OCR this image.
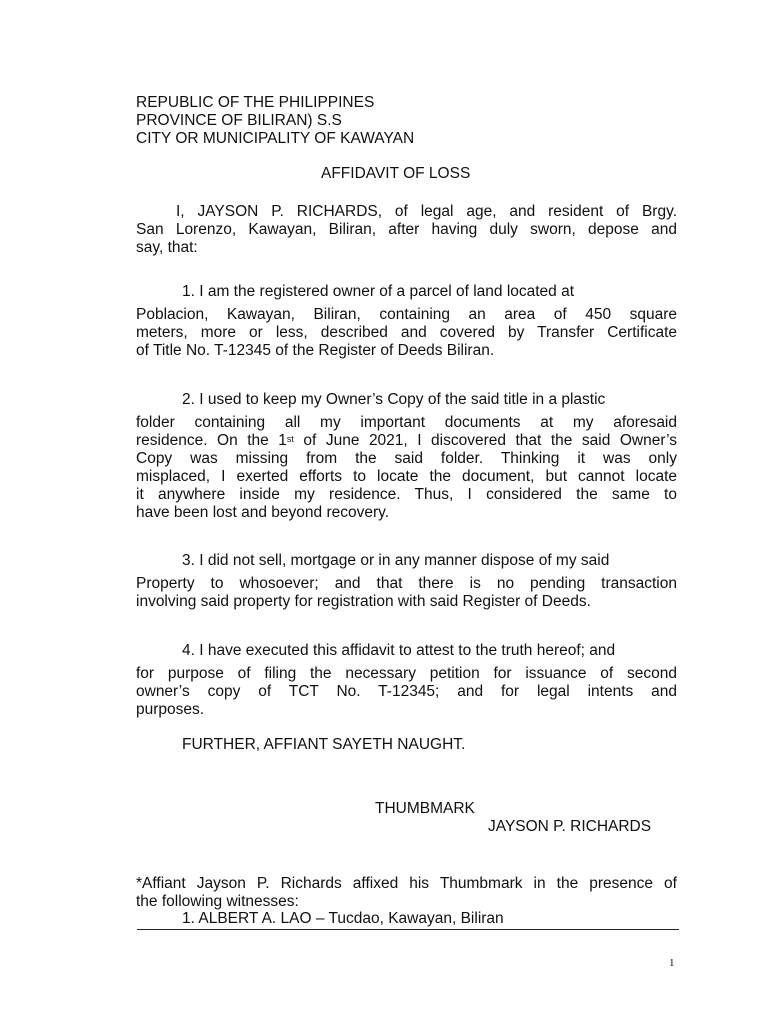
REPUBLIC OF THE PHILIPPINES
PROVINCE OF BILIRAN) S.S
CITY OR MUNICIPALITY OF KAWAYAN
AFFIDAVIT OF LOSS
I, JAYSON P. RICHARDS, of legal age, and resident of Brgy.
San Lorenzo, Kawayan, Biliran, after having duly sworn, depose and
say, that:
1. I am the registered owner of a parcel of land located at
Poblacion, Kawayan, Biliran, containing an area of 450 square
meters, more or less, described and covered by Transfer Certificate
of Title No. T-12345 of the Register of Deeds Biliran.
2. I used to keep my Owner’s Copy of the said title in a plastic
folder containing all my important documents at my aforesaid
residence. On the 1st of June 2021, I discovered that the said Owner’s
Copy was missing from the said folder. Thinking it was only
misplaced, I exerted efforts to locate the document, but cannot locate
it anywhere inside my residence. Thus, I considered the same to
have been lost and beyond recovery.
3. I did not sell, mortgage or in any manner dispose of my said
Property to whosoever; and that there is no pending transaction
involving said property for registration with said Register of Deeds.
4. I have executed this affidavit to attest to the truth hereof; and
for purpose of filing the necessary petition for issuance of second
owner’s copy of TCT No. T-12345; and for legal intents and
purposes.
FURTHER, AFFIANT SAYETH NAUGHT.
THUMBMARK
JAYSON P. RICHARDS
*Affiant Jayson P. Richards affixed his Thumbmark in the presence of
the following witnesses:
1. ALBERT A. LAO – Tucdao, Kawayan, Biliran
1
